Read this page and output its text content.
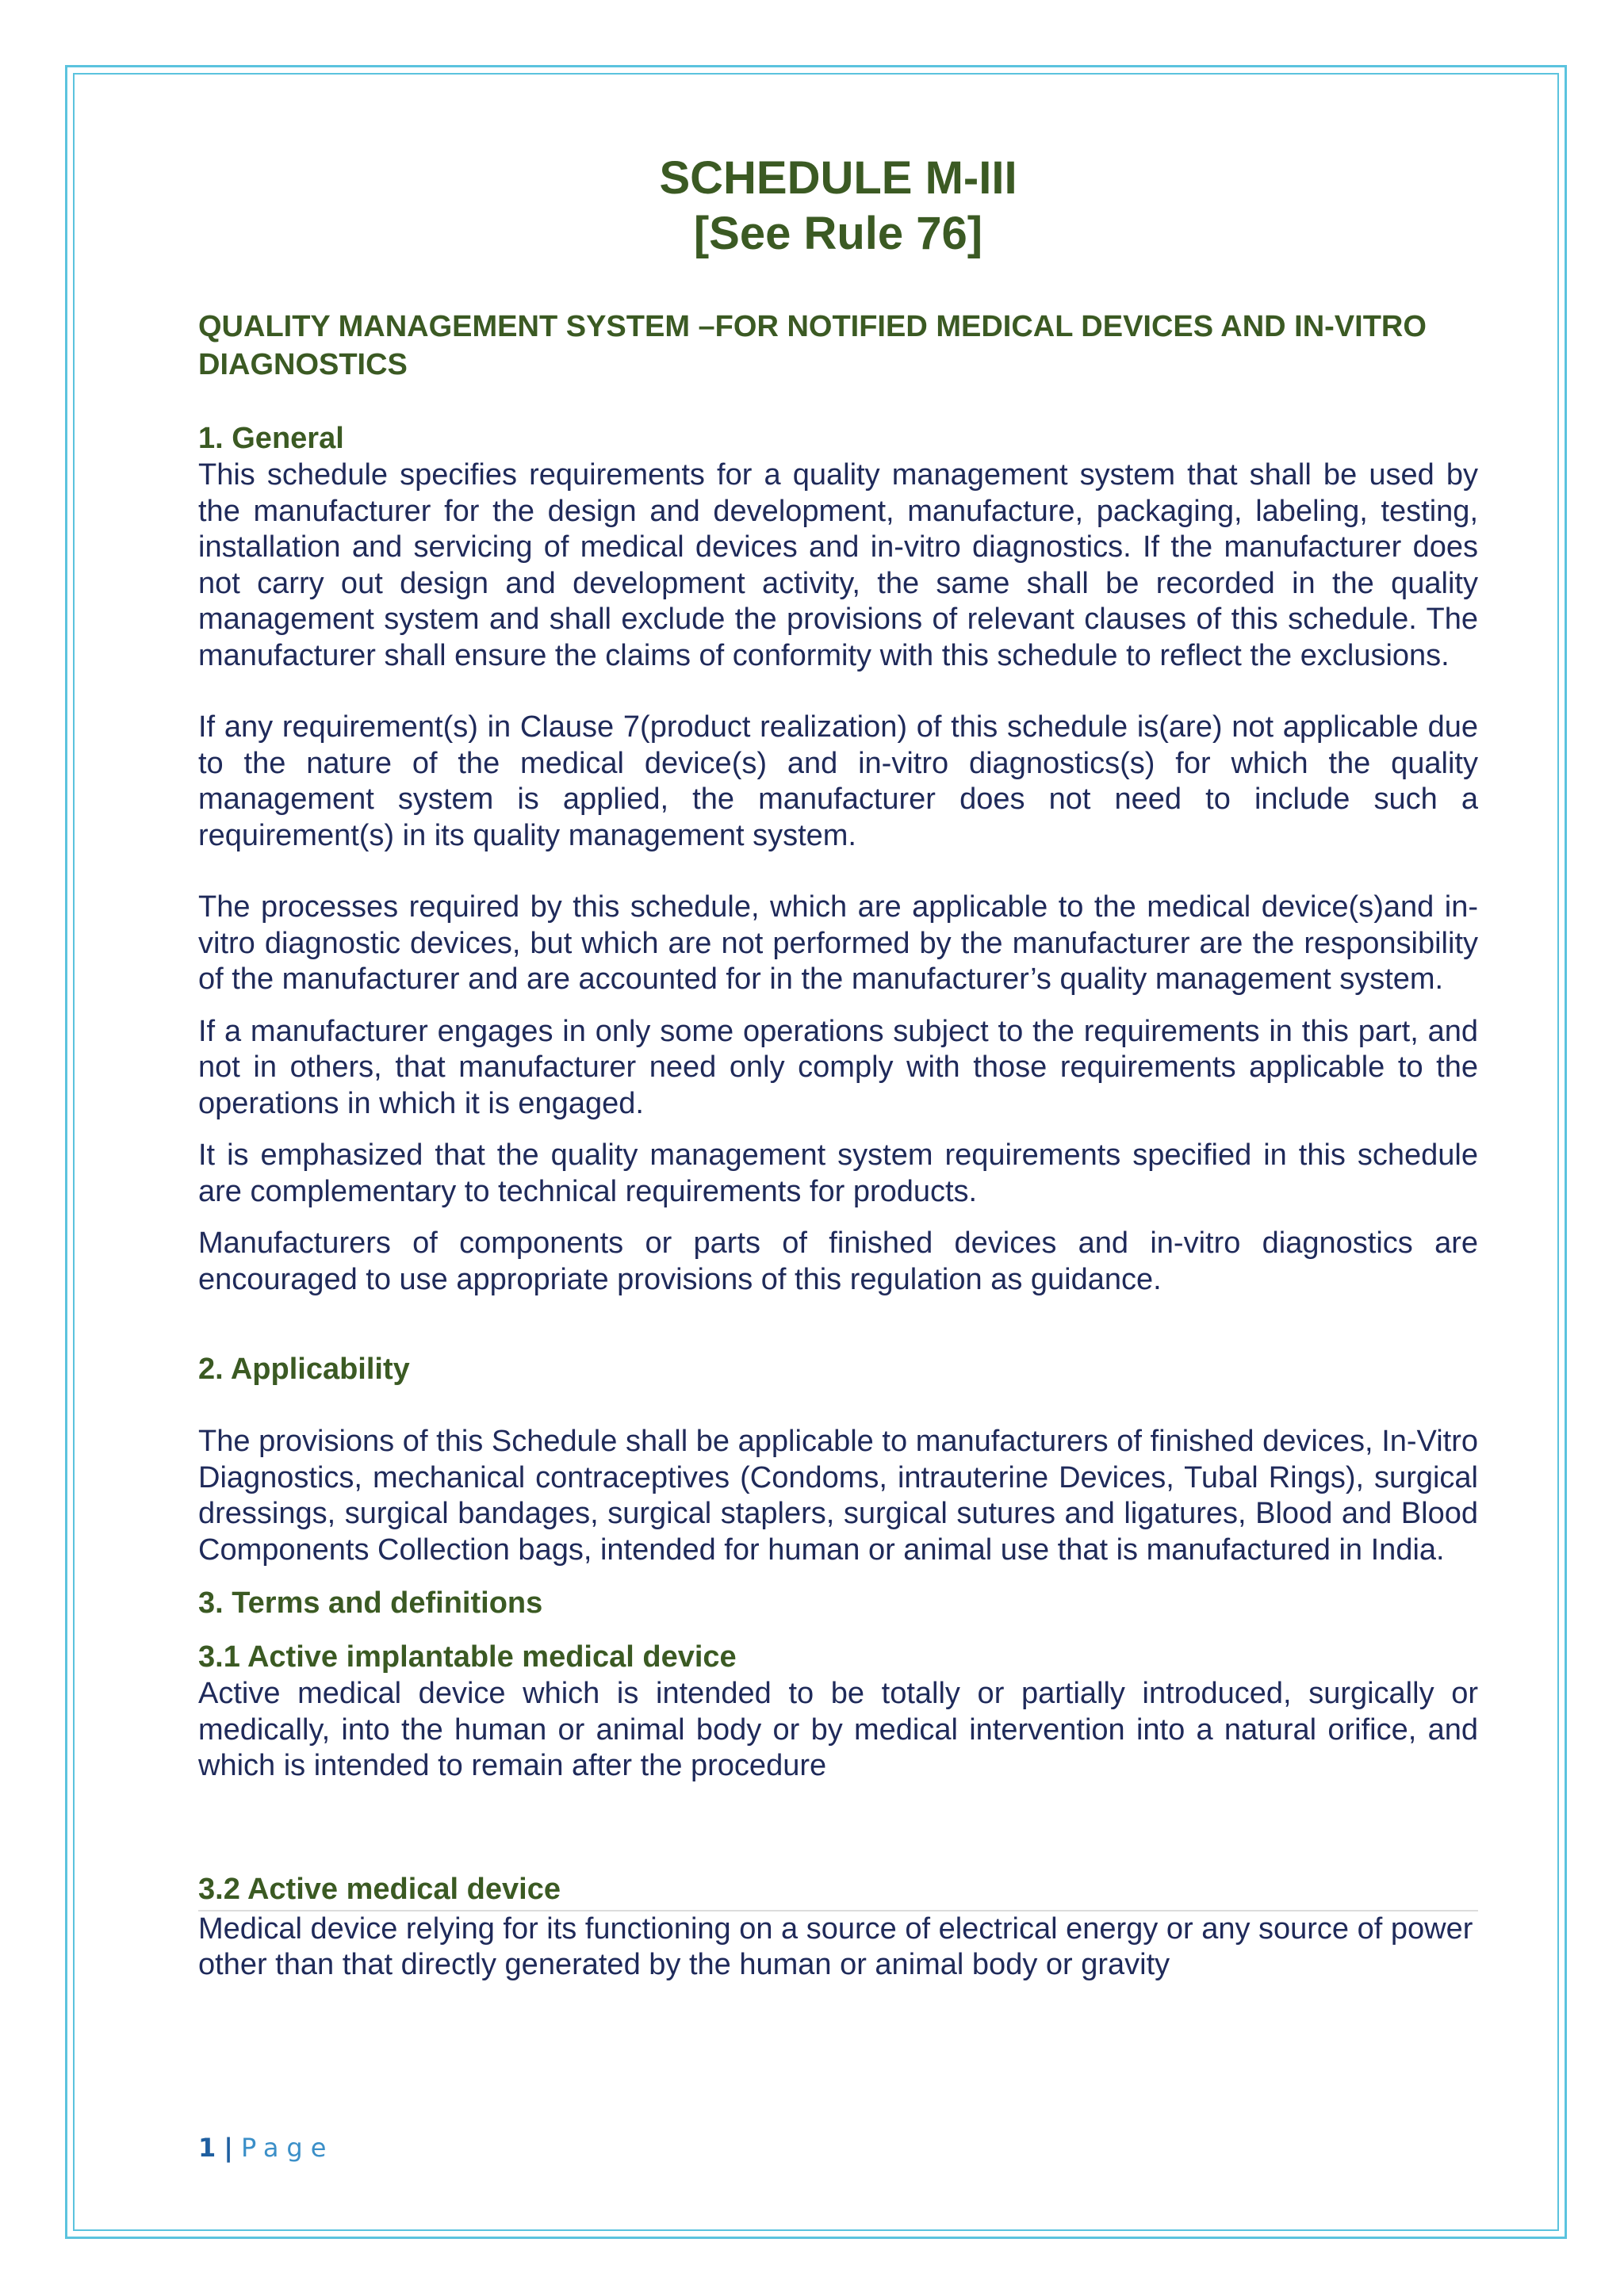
SCHEDULE M-III
[See Rule 76]
QUALITY MANAGEMENT SYSTEM –FOR NOTIFIED MEDICAL DEVICES AND IN-VITRO DIAGNOSTICS
1. General

This schedule specifies requirements for a quality management system that shall be used by the manufacturer for the design and development, manufacture, packaging, labeling, testing, installation and servicing of medical devices and in-vitro diagnostics. If the manufacturer does not carry out design and development activity, the same shall be recorded in the quality management system and shall exclude the provisions of relevant clauses of this schedule. The manufacturer shall ensure the claims of conformity with this schedule to reflect the exclusions.

If any requirement(s) in Clause 7(product realization) of this schedule is(are) not applicable due to the nature of the medical device(s) and in-vitro diagnostics(s) for which the quality management system is applied, the manufacturer does not need to include such a requirement(s) in its quality management system.

The processes required by this schedule, which are applicable to the medical device(s)and in-vitro diagnostic devices, but which are not performed by the manufacturer are the responsibility of the manufacturer and are accounted for in the manufacturer’s quality management system.

If a manufacturer engages in only some operations subject to the requirements in this part, and not in others, that manufacturer need only comply with those requirements applicable to the operations in which it is engaged.

It is emphasized that the quality management system requirements specified in this schedule are complementary to technical requirements for products.

Manufacturers of components or parts of finished devices and in-vitro diagnostics are encouraged to use appropriate provisions of this regulation as guidance.

2. Applicability

The provisions of this Schedule shall be applicable to manufacturers of finished devices, In-Vitro Diagnostics, mechanical contraceptives (Condoms, intrauterine Devices, Tubal Rings), surgical dressings, surgical bandages, surgical staplers, surgical sutures and ligatures, Blood and Blood Components Collection bags, intended for human or animal use that is manufactured in India.

3. Terms and definitions
3.1 Active implantable medical device

Active medical device which is intended to be totally or partially introduced, surgically or medically, into the human or animal body or by medical intervention into a natural orifice, and which is intended to remain after the procedure

3.2 Active medical device

Medical device relying for its functioning on a source of electrical energy or any source of power other than that directly generated by the human or animal body or gravity

1 | Page
